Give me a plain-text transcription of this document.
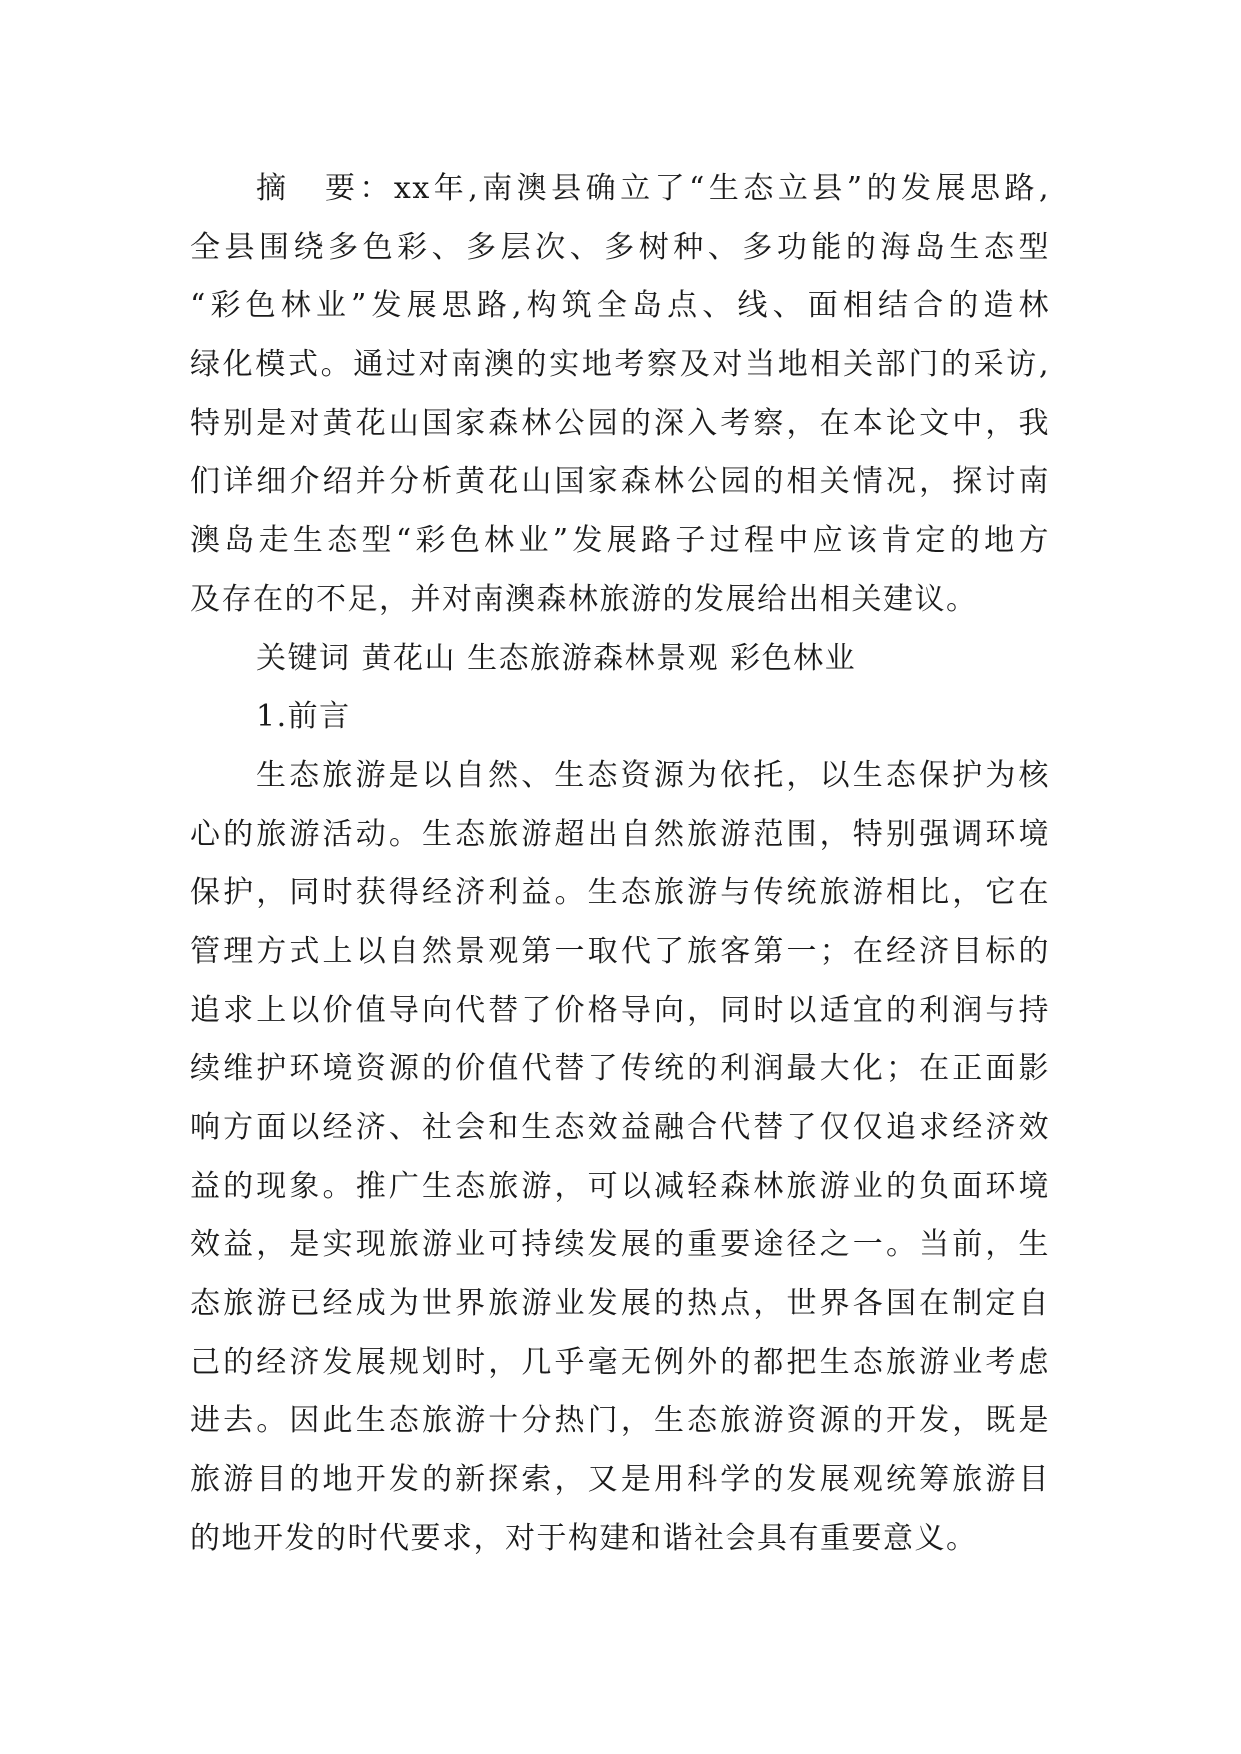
摘　要：xx年,南澳县确立了“生态立县”的发展思路,
全县围绕多色彩、多层次、多树种、多功能的海岛生态型
“彩色林业”发展思路,构筑全岛点、线、面相结合的造林
绿化模式。通过对南澳的实地考察及对当地相关部门的采访,
特别是对黄花山国家森林公园的深入考察，在本论文中，我
们详细介绍并分析黄花山国家森林公园的相关情况，探讨南
澳岛走生态型“彩色林业”发展路子过程中应该肯定的地方
及存在的不足，并对南澳森林旅游的发展给出相关建议。
关键词 黄花山 生态旅游森林景观 彩色林业
1.前言
生态旅游是以自然、生态资源为依托，以生态保护为核
心的旅游活动。生态旅游超出自然旅游范围，特别强调环境
保护，同时获得经济利益。生态旅游与传统旅游相比，它在
管理方式上以自然景观第一取代了旅客第一；在经济目标的
追求上以价值导向代替了价格导向，同时以适宜的利润与持
续维护环境资源的价值代替了传统的利润最大化；在正面影
响方面以经济、社会和生态效益融合代替了仅仅追求经济效
益的现象。推广生态旅游，可以减轻森林旅游业的负面环境
效益，是实现旅游业可持续发展的重要途径之一。当前，生
态旅游已经成为世界旅游业发展的热点，世界各国在制定自
己的经济发展规划时，几乎毫无例外的都把生态旅游业考虑
进去。因此生态旅游十分热门，生态旅游资源的开发，既是
旅游目的地开发的新探索，又是用科学的发展观统筹旅游目
的地开发的时代要求，对于构建和谐社会具有重要意义。
